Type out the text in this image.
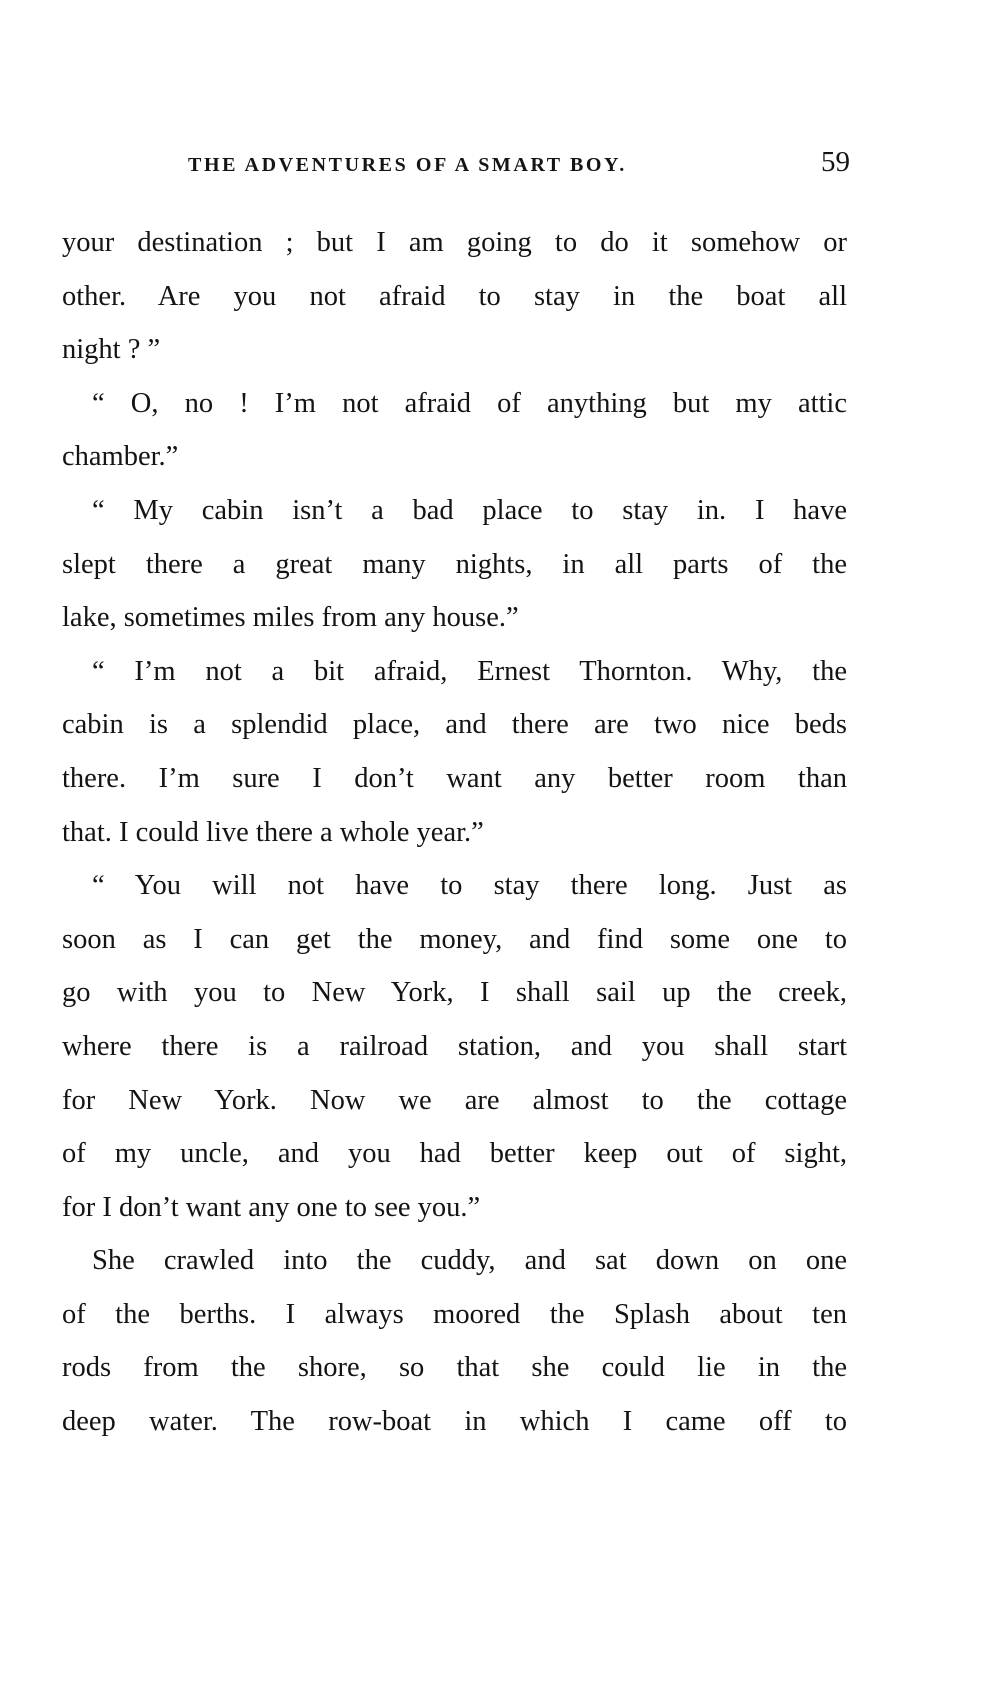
THE ADVENTURES OF A SMART BOY.	59
your destination ; but I am going to do it somehow or
other. Are you not afraid to stay in the boat all
night ? ”
“ O, no ! I’m not afraid of anything but my attic
chamber.”
“ My cabin isn’t a bad place to stay in. I have
slept there a great many nights, in all parts of the
lake, sometimes miles from any house.”
“ I’m not a bit afraid, Ernest Thornton. Why, the
cabin is a splendid place, and there are two nice beds
there. I’m sure I don’t want any better room than
that. I could live there a whole year.”
“ You will not have to stay there long. Just as
soon as I can get the money, and find some one to
go with you to New York, I shall sail up the creek,
where there is a railroad station, and you shall start
for New York. Now we are almost to the cottage
of my uncle, and you had better keep out of sight,
for I don’t want any one to see you.”
She crawled into the cuddy, and sat down on one
of the berths. I always moored the Splash about ten
rods from the shore, so that she could lie in the
deep water. The row-boat in which I came off to
